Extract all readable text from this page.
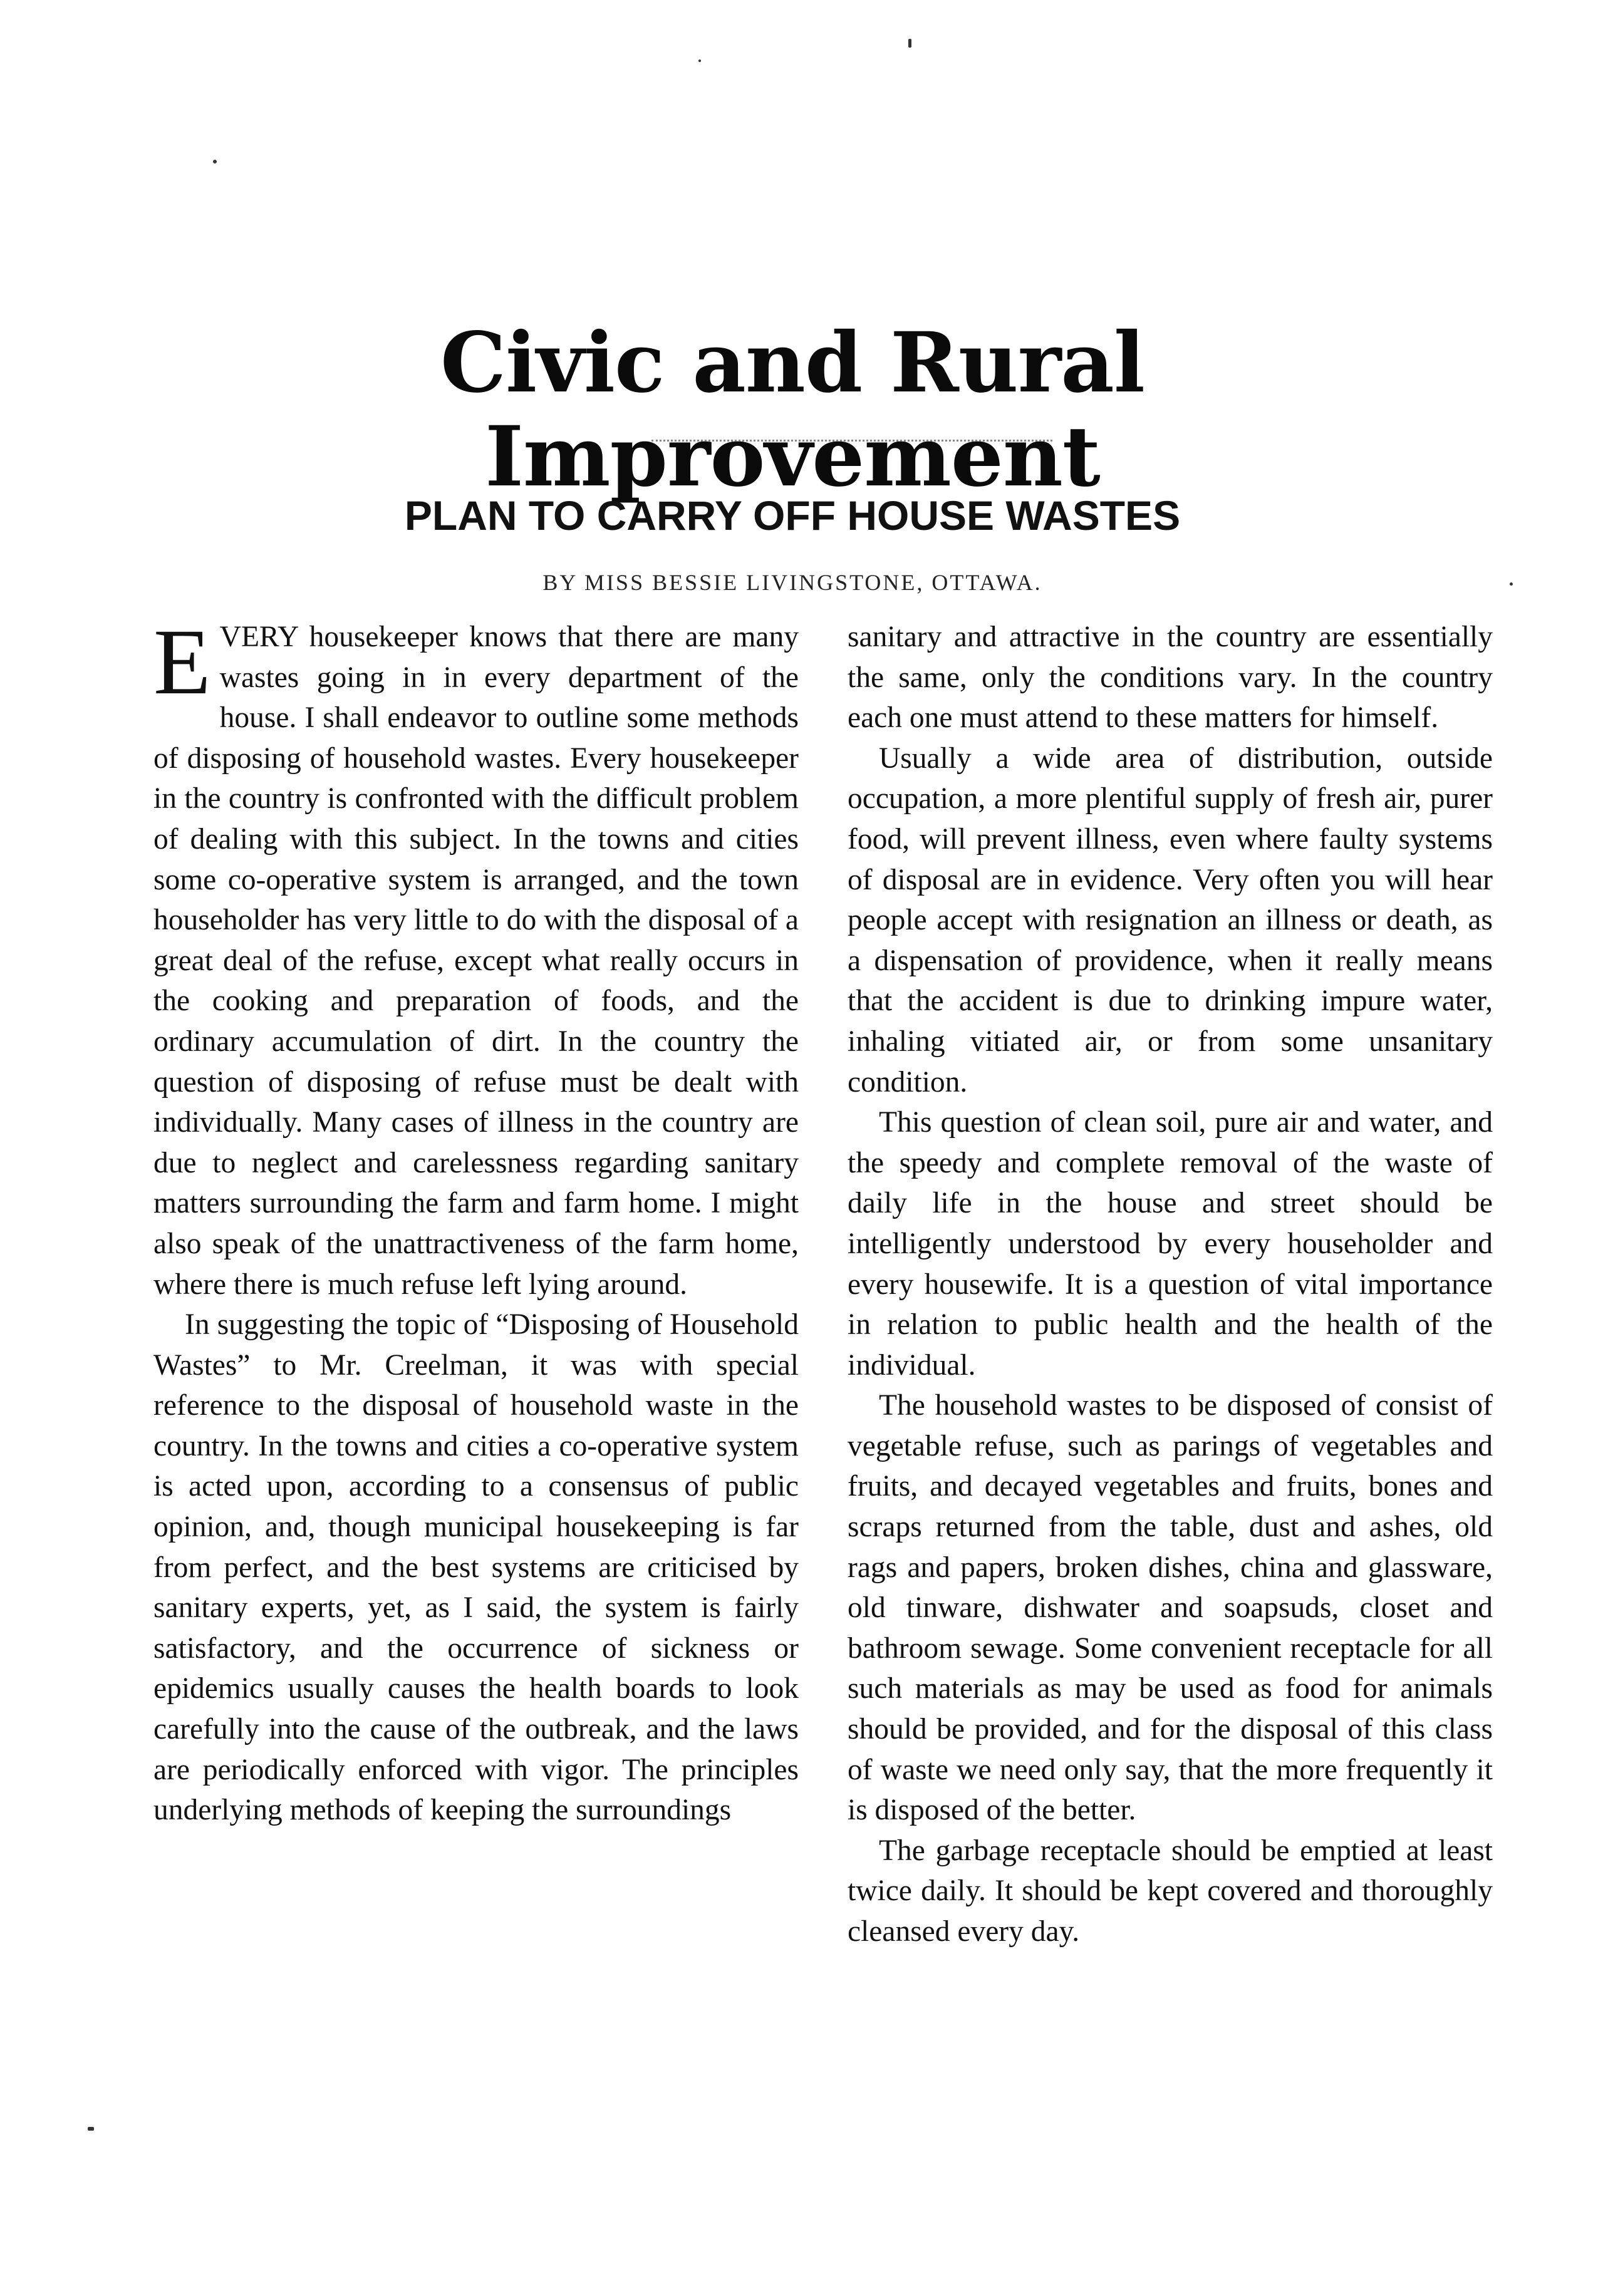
Civic and Rural Improvement
PLAN TO CARRY OFF HOUSE WASTES
BY MISS BESSIE LIVINGSTONE, OTTAWA.

EVERY housekeeper knows that there are many wastes going in in every department of the house. I shall endeavor to outline some methods of disposing of household wastes. Every housekeeper in the country is confronted with the difficult problem of dealing with this subject. In the towns and cities some co-operative system is arranged, and the town householder has very little to do with the disposal of a great deal of the refuse, except what really occurs in the cooking and preparation of foods, and the ordinary accumulation of dirt. In the country the question of disposing of refuse must be dealt with individually. Many cases of illness in the country are due to neglect and carelessness regarding sanitary matters surrounding the farm and farm home. I might also speak of the unattractiveness of the farm home, where there is much refuse left lying around.

In suggesting the topic of “Disposing of Household Wastes” to Mr. Creelman, it was with special reference to the disposal of household waste in the country. In the towns and cities a co-operative system is acted upon, according to a consensus of public opinion, and, though municipal housekeeping is far from perfect, and the best systems are criticised by sanitary experts, yet, as I said, the system is fairly satisfactory, and the occurrence of sickness or epidemics usually causes the health boards to look carefully into the cause of the outbreak, and the laws are periodically enforced with vigor. The principles underlying methods of keeping the surroundings

sanitary and attractive in the country are essentially the same, only the conditions vary. In the country each one must attend to these matters for himself.

Usually a wide area of distribution, outside occupation, a more plentiful supply of fresh air, purer food, will prevent illness, even where faulty systems of disposal are in evidence. Very often you will hear people accept with resignation an illness or death, as a dispensation of providence, when it really means that the accident is due to drinking impure water, inhaling vitiated air, or from some unsanitary condition.

This question of clean soil, pure air and water, and the speedy and complete removal of the waste of daily life in the house and street should be intelligently understood by every householder and every housewife. It is a question of vital importance in relation to public health and the health of the individual.

The household wastes to be disposed of consist of vegetable refuse, such as parings of vegetables and fruits, and decayed vegetables and fruits, bones and scraps returned from the table, dust and ashes, old rags and papers, broken dishes, china and glassware, old tinware, dishwater and soapsuds, closet and bathroom sewage. Some convenient receptacle for all such materials as may be used as food for animals should be provided, and for the disposal of this class of waste we need only say, that the more frequently it is disposed of the better.

The garbage receptacle should be emptied at least twice daily. It should be kept covered and thoroughly cleansed every day.
